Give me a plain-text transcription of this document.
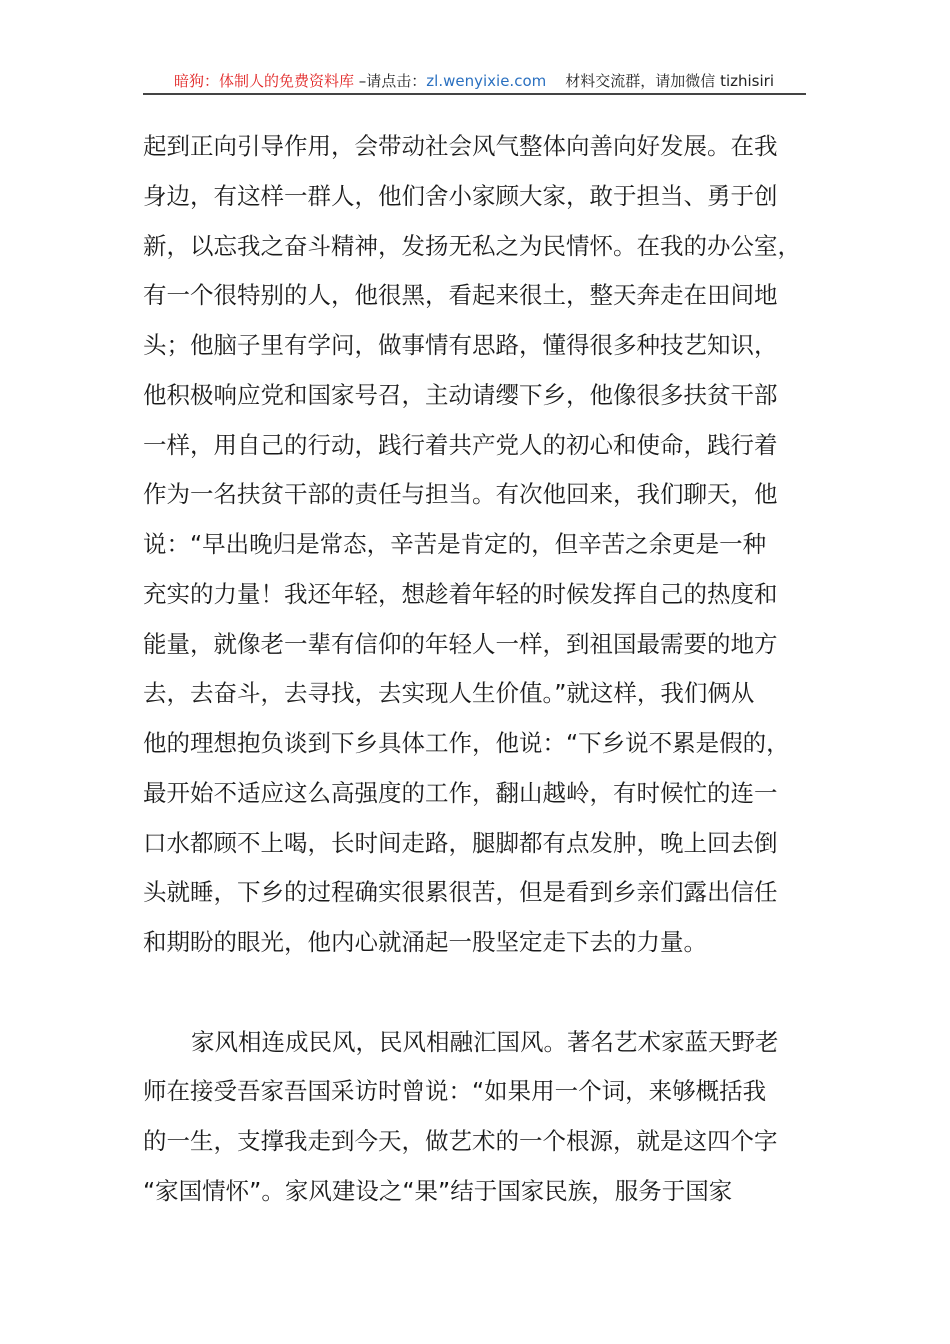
暗狗：体制人的免费资料库 –请点击：zl.wenyixie.com    材料交流群，请加微信 tizhisiri
起到正向引导作用，会带动社会风气整体向善向好发展。在我
身边，有这样一群人，他们舍小家顾大家，敢于担当、勇于创
新，以忘我之奋斗精神，发扬无私之为民情怀。在我的办公室，
有一个很特别的人，他很黑，看起来很土，整天奔走在田间地
头；他脑子里有学问，做事情有思路，懂得很多种技艺知识，
他积极响应党和国家号召，主动请缨下乡，他像很多扶贫干部
一样，用自己的行动，践行着共产党人的初心和使命，践行着
作为一名扶贫干部的责任与担当。有次他回来，我们聊天，他
说：“早出晚归是常态，辛苦是肯定的，但辛苦之余更是一种
充实的力量！我还年轻，想趁着年轻的时候发挥自己的热度和
能量，就像老一辈有信仰的年轻人一样，到祖国最需要的地方
去，去奋斗，去寻找，去实现人生价值。”就这样，我们俩从
他的理想抱负谈到下乡具体工作，他说：“下乡说不累是假的，
最开始不适应这么高强度的工作，翻山越岭，有时候忙的连一
口水都顾不上喝，长时间走路，腿脚都有点发肿，晚上回去倒
头就睡，下乡的过程确实很累很苦，但是看到乡亲们露出信任
和期盼的眼光，他内心就涌起一股坚定走下去的力量。
家风相连成民风，民风相融汇国风。著名艺术家蓝天野老
师在接受吾家吾国采访时曾说：“如果用一个词，来够概括我
的一生，支撑我走到今天，做艺术的一个根源，就是这四个字
“家国情怀”。家风建设之“果”结于国家民族，服务于国家
